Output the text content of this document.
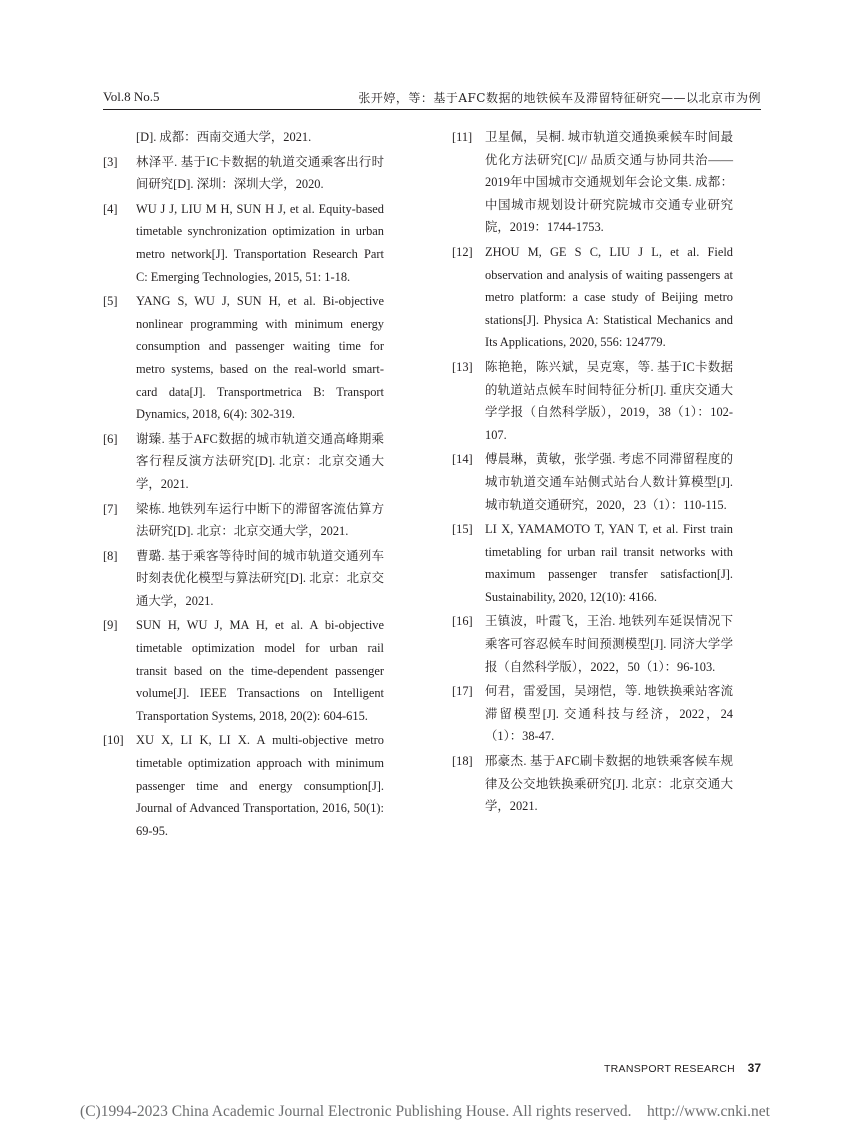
Vol.8 No.5	张开婷，等：基于AFC数据的地铁候车及滞留特征研究——以北京市为例
[D]. 成都：西南交通大学，2021.
[3]	林泽平. 基于IC卡数据的轨道交通乘客出行时间研究[D]. 深圳：深圳大学，2020.
[4]	WU J J, LIU M H, SUN H J, et al. Equity-based timetable synchronization optimization in urban metro network[J]. Transportation Research Part C: Emerging Technologies, 2015, 51: 1-18.
[5]	YANG S, WU J, SUN H, et al. Bi-objective nonlinear programming with minimum energy consumption and passenger waiting time for metro systems, based on the real-world smart-card data[J]. Transportmetrica B: Transport Dynamics, 2018, 6(4): 302-319.
[6]	谢臻. 基于AFC数据的城市轨道交通高峰期乘客行程反演方法研究[D]. 北京：北京交通大学，2021.
[7]	梁栋. 地铁列车运行中断下的滞留客流估算方法研究[D]. 北京：北京交通大学，2021.
[8]	曹璐. 基于乘客等待时间的城市轨道交通列车时刻表优化模型与算法研究[D]. 北京：北京交通大学，2021.
[9]	SUN H, WU J, MA H, et al. A bi-objective timetable optimization model for urban rail transit based on the time-dependent passenger volume[J]. IEEE Transactions on Intelligent Transportation Systems, 2018, 20(2): 604-615.
[10] XU X, LI K, LI X. A multi-objective metro timetable optimization approach with minimum passenger time and energy consumption[J]. Journal of Advanced Transportation, 2016, 50(1): 69-95.
[11]	卫星佩，吴桐. 城市轨道交通换乘候车时间最优化方法研究[C]// 品质交通与协同共治——2019年中国城市交通规划年会论文集. 成都：中国城市规划设计研究院城市交通专业研究院，2019：1744-1753.
[12] ZHOU M, GE S C, LIU J L, et al. Field observation and analysis of waiting passengers at metro platform: a case study of Beijing metro stations[J]. Physica A: Statistical Mechanics and Its Applications, 2020, 556: 124779.
[13] 陈艳艳，陈兴斌，吴克寒，等. 基于IC卡数据的轨道站点候车时间特征分析[J]. 重庆交通大学学报（自然科学版），2019，38（1）：102-107.
[14] 傅晨琳，黄敏，张学强. 考虑不同滞留程度的城市轨道交通车站侧式站台人数计算模型[J]. 城市轨道交通研究，2020，23（1）：110-115.
[15] LI X, YAMAMOTO T, YAN T, et al. First train timetabling for urban rail transit networks with maximum passenger transfer satisfaction[J]. Sustainability, 2020, 12(10): 4166.
[16] 王镇波，叶霞飞，王治. 地铁列车延误情况下乘客可容忍候车时间预测模型[J]. 同济大学学报（自然科学版），2022，50（1）：96-103.
[17] 何君，雷爱国，吴翊恺，等. 地铁换乘站客流滞留模型[J]. 交通科技与经济，2022，24（1）：38-47.
[18] 邢豪杰. 基于AFC刷卡数据的地铁乘客候车规律及公交地铁换乘研究[J]. 北京：北京交通大学，2021.
TRANSPORT RESEARCH 37
(C)1994-2023 China Academic Journal Electronic Publishing House. All rights reserved.    http://www.cnki.net
